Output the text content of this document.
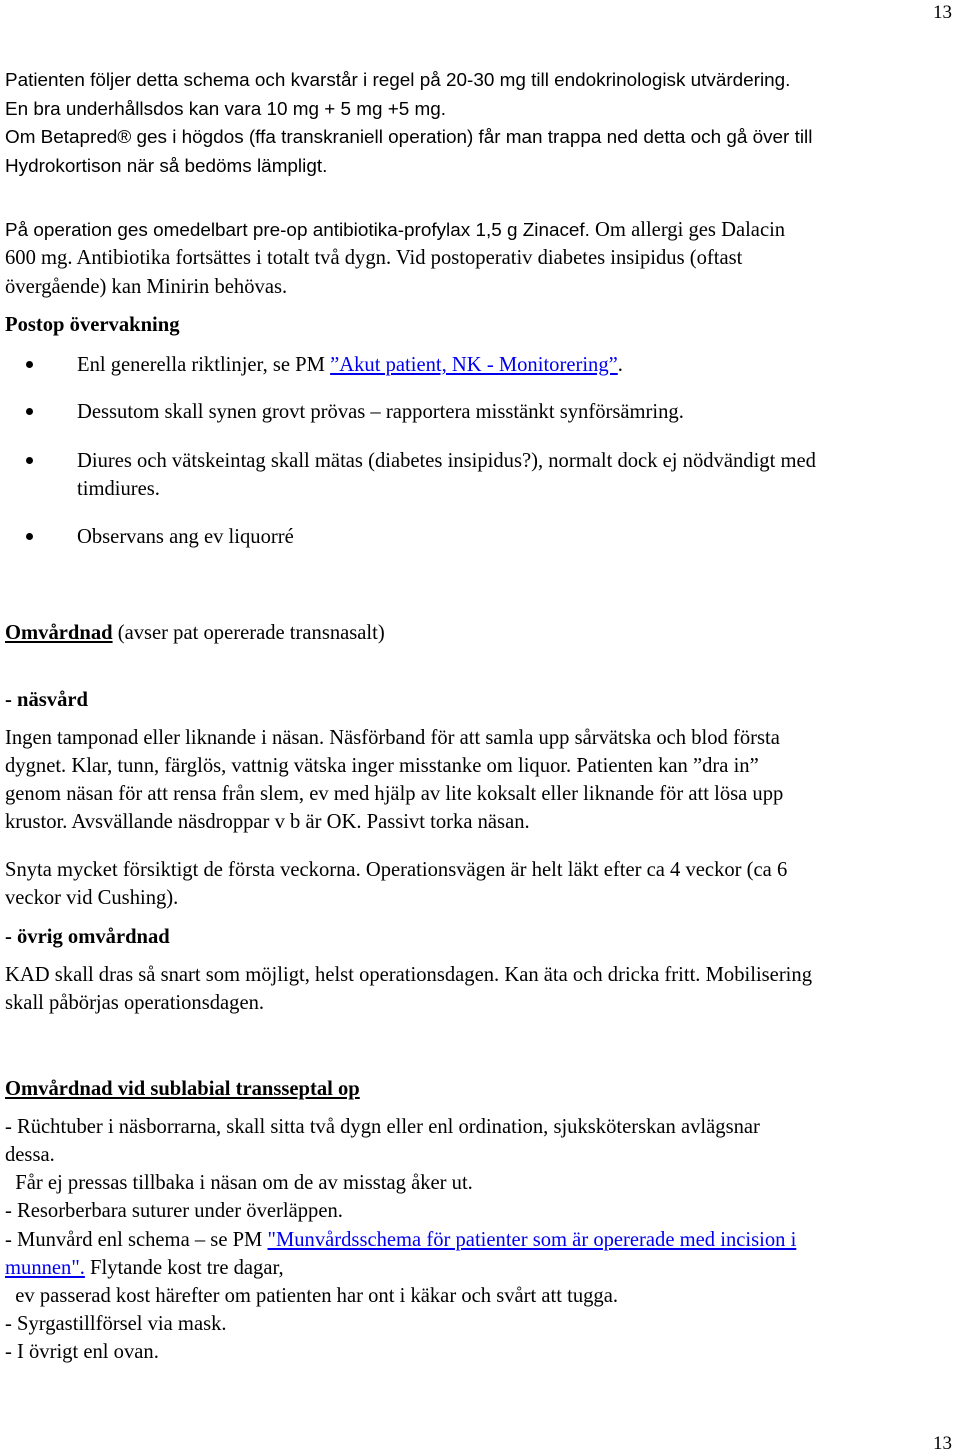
13
Patienten följer detta schema och kvarstår i regel på 20-30 mg till endokrinologisk utvärdering.
En bra underhållsdos kan vara 10 mg + 5 mg +5 mg.
Om Betapred® ges i högdos (ffa transkraniell operation) får man trappa ned detta och gå över till
Hydrokortison när så bedöms lämpligt.
På operation ges omedelbart pre-op antibiotika-profylax 1,5 g Zinacef. Om allergi ges Dalacin
600 mg. Antibiotika fortsättes i totalt två dygn. Vid postoperativ diabetes insipidus (oftast
övergående) kan Minirin behövas.
Postop övervakning
Enl generella riktlinjer, se PM ”Akut patient, NK - Monitorering”.
Dessutom skall synen grovt prövas – rapportera misstänkt synförsämring.
Diures och vätskeintag skall mätas (diabetes insipidus?), normalt dock ej nödvändigt med
timdiures.
Observans ang ev liquorré
Omvårdnad (avser pat opererade transnasalt)
- näsvård
Ingen tamponad eller liknande i näsan. Näsförband för att samla upp sårvätska och blod första
dygnet. Klar, tunn, färglös, vattnig vätska inger misstanke om liquor. Patienten kan ”dra in”
genom näsan för att rensa från slem, ev med hjälp av lite koksalt eller liknande för att lösa upp
krustor. Avsvällande näsdroppar v b är OK. Passivt torka näsan.
Snyta mycket försiktigt de första veckorna. Operationsvägen är helt läkt efter ca 4 veckor (ca 6
veckor vid Cushing).
- övrig omvårdnad
KAD skall dras så snart som möjligt, helst operationsdagen. Kan äta och dricka fritt. Mobilisering
skall påbörjas operationsdagen.
Omvårdnad vid sublabial transseptal op
- Rüchtuber i näsborrarna, skall sitta två dygn eller enl ordination, sjuksköterskan avlägsnar
dessa.
Får ej pressas tillbaka i näsan om de av misstag åker ut.
- Resorberbara suturer under överläppen.
- Munvård enl schema – se PM "Munvårdsschema för patienter som är opererade med incision i
munnen". Flytande kost tre dagar,
ev passerad kost härefter om patienten har ont i käkar och svårt att tugga.
- Syrgastillförsel via mask.
- I övrigt enl ovan.
13
